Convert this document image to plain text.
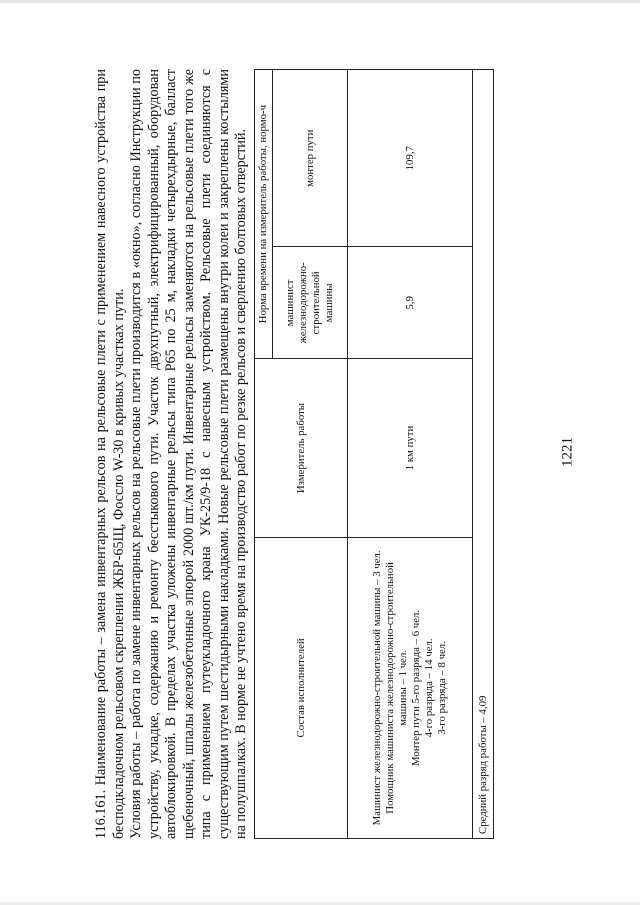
1221

116.161. Наименование работы – замена инвентарных рельсов на рельсовые плети с применением навесного устройства при бесподкладочном рельсовом скреплении ЖБР-65Щ, Фоссло W-30 в кривых участках пути. Условия работы – работа по замене инвентарных рельсов на рельсовые плети производится в «окно», согласно Инструкции по устройству, укладке, содержанию и ремонту бесстыкового пути. Участок двухпутный, электрифицированный, оборудован автоблокировкой. В пределах участка уложены инвентарные рельсы типа Р65 по 25 м, накладки четырехдырные, балласт щебеночный, шпалы железобетонные эпюрой 2000 шт./км пути. Инвентарные рельсы заменяются на рельсовые плети того же типа с применением путеукладочного крана УК-25/9-18 с навесным устройством. Рельсовые плети соединяются с существующим путем шестидырными накладками. Новые рельсовые плети размещены внутри колеи и закреплены костылями на полушпалках. В норме не учтено время на производство работ по резке рельсов и сверлению болтовых отверстий.	Состав исполнителей	Измеритель работы	Норма времени на измеритель работы, нормо-ч	
		машинист железнодорожно-строительной машины	монтер пути

Машинист железнодорожно-строительной машины – 3 чел. Помощник машиниста железнодорожно-строительной машины – 1 чел. Монтер пути 5-го разряда – 6 чел. 4-го разряда – 14 чел. 3-го разряда – 8 чел.	1 км пути	5,9	109,7
Средний разряд работы – 4,09			
